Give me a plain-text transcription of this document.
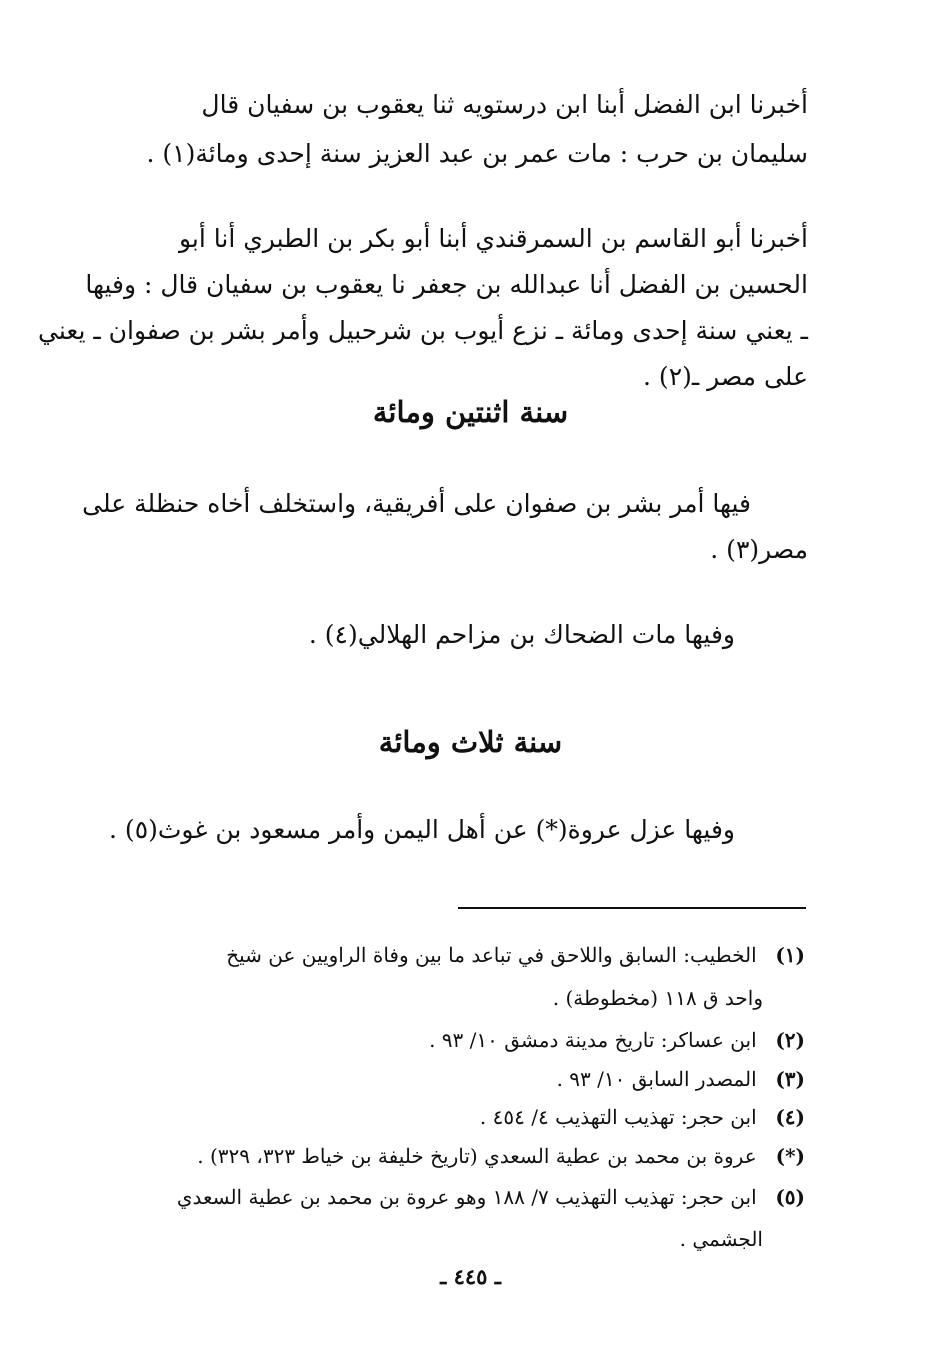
أخبرنا ابن الفضل أبنا ابن درستويه ثنا يعقوب بن سفيان قال
سليمان بن حرب : مات عمر بن عبد العزيز سنة إحدى ومائة(١) .
أخبرنا أبو القاسم بن السمرقندي أبنا أبو بكر بن الطبري أنا أبو
الحسين بن الفضل أنا عبدالله بن جعفر نا يعقوب بن سفيان قال : وفيها
ـ يعني سنة إحدى ومائة ـ نزع أيوب بن شرحبيل وأمر بشر بن صفوان ـ يعني
على مصر ـ(٢) .
سنة اثنتين ومائة
فيها أمر بشر بن صفوان على أفريقية، واستخلف أخاه حنظلة على
مصر(٣) .
وفيها مات الضحاك بن مزاحم الهلالي(٤) .
سنة ثلاث ومائة
وفيها عزل عروة(*) عن أهل اليمن وأمر مسعود بن غوث(٥) .
(١) الخطيب: السابق واللاحق في تباعد ما بين وفاة الراويين عن شيخ
واحد ق ١١٨ (مخطوطة) .
(٢) ابن عساكر: تاريخ مدينة دمشق ١٠/ ٩٣ .
(٣) المصدر السابق ١٠/ ٩٣ .
(٤) ابن حجر: تهذيب التهذيب ٤/ ٤٥٤ .
(*) عروة بن محمد بن عطية السعدي (تاريخ خليفة بن خياط ٣٢٣، ٣٢٩) .
(٥) ابن حجر: تهذيب التهذيب ٧/ ١٨٨ وهو عروة بن محمد بن عطية السعدي
الجشمي .
ـ ٤٤٥ ـ
